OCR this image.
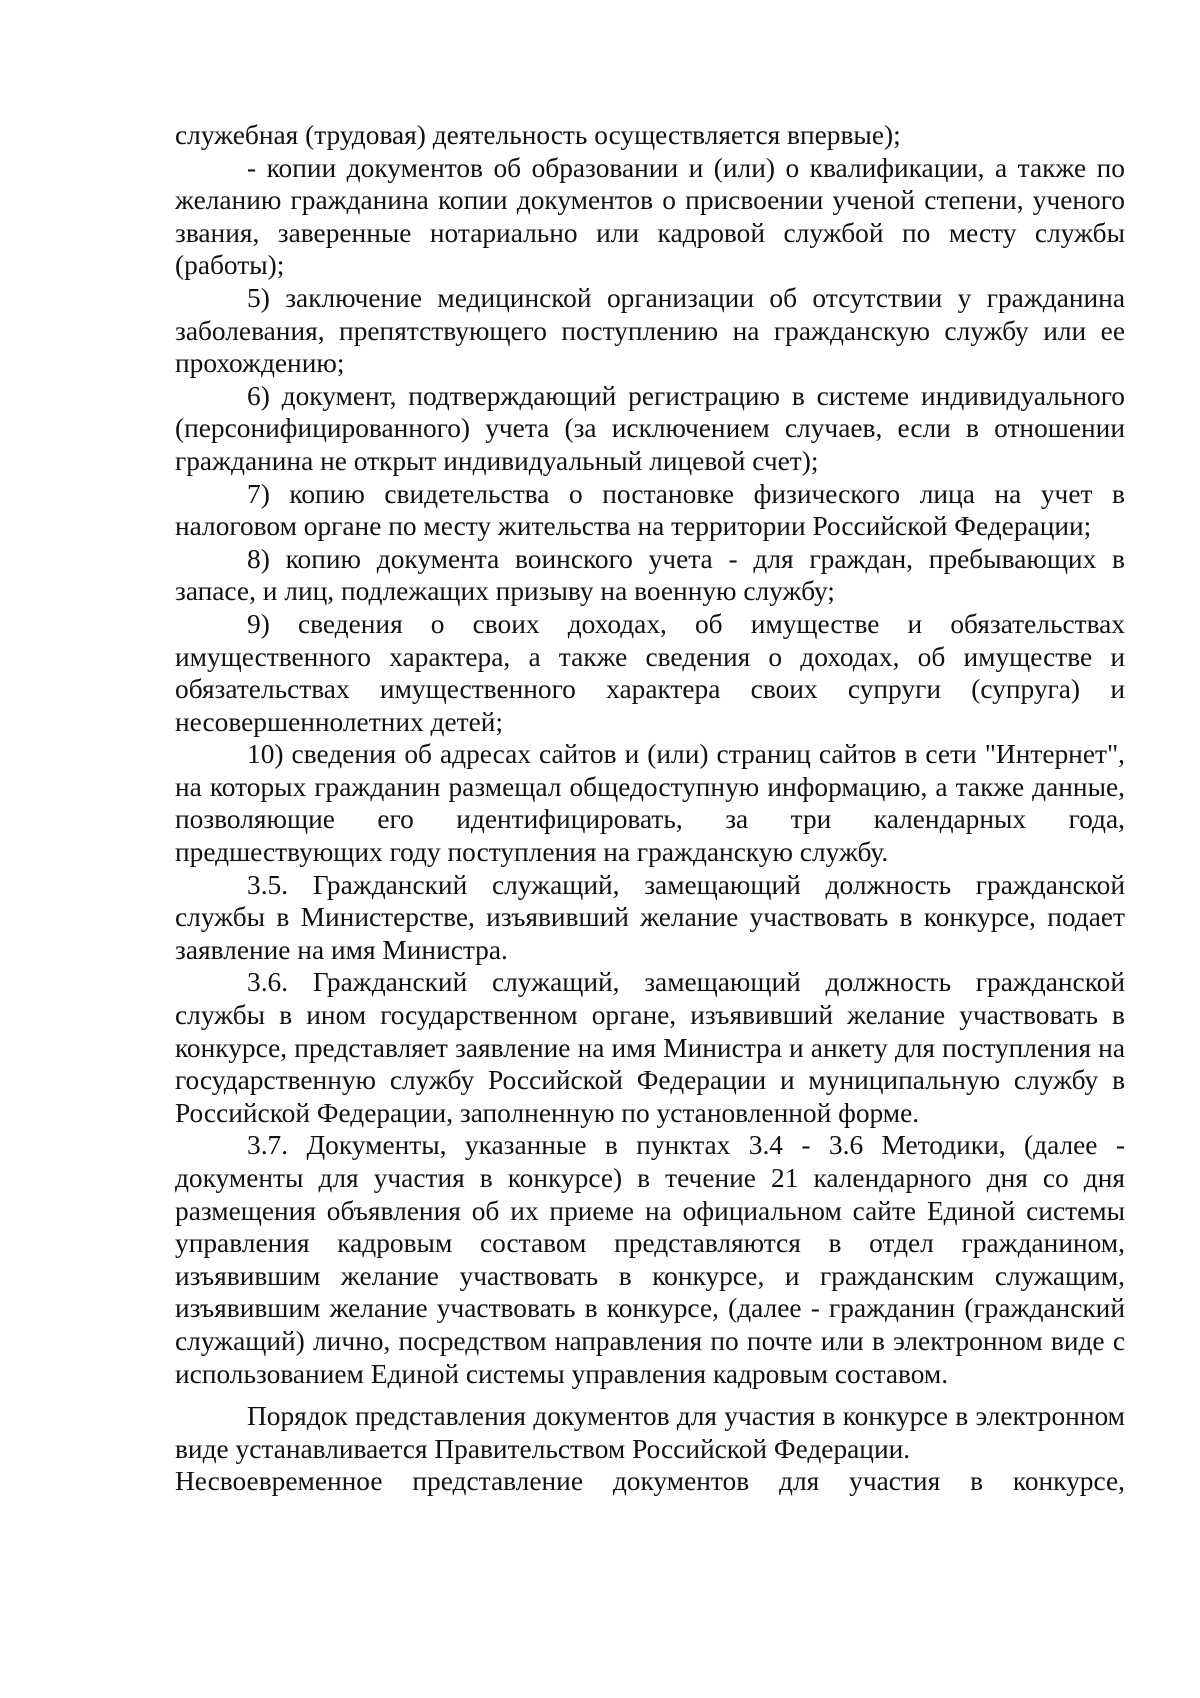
служебная (трудовая) деятельность осуществляется впервые);

- копии документов об образовании и (или) о квалификации, а также по желанию гражданина копии документов о присвоении ученой степени, ученого звания, заверенные нотариально или кадровой службой по месту службы (работы);

5) заключение медицинской организации об отсутствии у гражданина заболевания, препятствующего поступлению на гражданскую службу или ее прохождению;

6) документ, подтверждающий регистрацию в системе индивидуального (персонифицированного) учета (за исключением случаев, если в отношении гражданина не открыт индивидуальный лицевой счет);

7) копию свидетельства о постановке физического лица на учет в налоговом органе по месту жительства на территории Российской Федерации;

8) копию документа воинского учета - для граждан, пребывающих в запасе, и лиц, подлежащих призыву на военную службу;

9) сведения о своих доходах, об имуществе и обязательствах имущественного характера, а также сведения о доходах, об имуществе и обязательствах имущественного характера своих супруги (супруга) и несовершеннолетних детей;

10) сведения об адресах сайтов и (или) страниц сайтов в сети "Интернет", на которых гражданин размещал общедоступную информацию, а также данные, позволяющие его идентифицировать, за три календарных года, предшествующих году поступления на гражданскую службу.

3.5. Гражданский служащий, замещающий должность гражданской службы в Министерстве, изъявивший желание участвовать в конкурсе, подает заявление на имя Министра.

3.6. Гражданский служащий, замещающий должность гражданской службы в ином государственном органе, изъявивший желание участвовать в конкурсе, представляет заявление на имя Министра и анкету для поступления на государственную службу Российской Федерации и муниципальную службу в Российской Федерации, заполненную по установленной форме.

3.7. Документы, указанные в пунктах 3.4 - 3.6 Методики, (далее - документы для участия в конкурсе) в течение 21 календарного дня со дня размещения объявления об их приеме на официальном сайте Единой системы управления кадровым составом представляются в отдел гражданином, изъявившим желание участвовать в конкурсе, и гражданским служащим, изъявившим желание участвовать в конкурсе, (далее - гражданин (гражданский служащий) лично, посредством направления по почте или в электронном виде с использованием Единой системы управления кадровым составом.

Порядок представления документов для участия в конкурсе в электронном виде устанавливается Правительством Российской Федерации.

Несвоевременное представление документов для участия в конкурсе,
